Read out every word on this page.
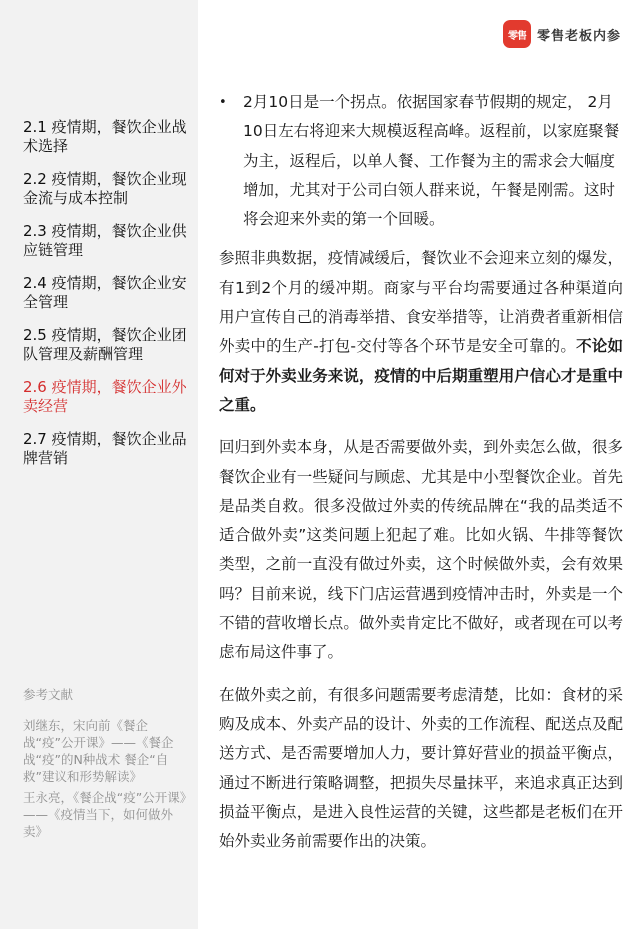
2.1 疫情期，餐饮企业战术选择
2.2 疫情期，餐饮企业现金流与成本控制
2.3 疫情期，餐饮企业供应链管理
2.4 疫情期，餐饮企业安全管理
2.5 疫情期，餐饮企业团队管理及薪酬管理
2.6 疫情期，餐饮企业外卖经营
2.7 疫情期，餐饮企业品牌营销
参考文献
刘继东，宋向前《餐企战“疫”公开课》——《餐企战“疫”的N种战术 餐企“自救”建议和形势解读》
王永亮，《餐企战“疫”公开课》——《疫情当下，如何做外卖》
零售 零售老板内参
•	2月10日是一个拐点。依据国家春节假期的规定， 2月10日左右将迎来大规模返程高峰。返程前，以家庭聚餐为主，返程后，以单人餐、工作餐为主的需求会大幅度增加，尤其对于公司白领人群来说，午餐是刚需。这时将会迎来外卖的第一个回暖。

参照非典数据，疫情减缓后，餐饮业不会迎来立刻的爆发，有1到2个月的缓冲期。商家与平台均需要通过各种渠道向用户宣传自己的消毒举措、食安举措等，让消费者重新相信外卖中的生产-打包-交付等各个环节是安全可靠的。不论如何对于外卖业务来说，疫情的中后期重塑用户信心才是重中之重。

回归到外卖本身，从是否需要做外卖，到外卖怎么做，很多餐饮企业有一些疑问与顾虑、尤其是中小型餐饮企业。首先是品类自救。很多没做过外卖的传统品牌在“我的品类适不适合做外卖”这类问题上犯起了难。比如火锅、牛排等餐饮类型，之前一直没有做过外卖，这个时候做外卖，会有效果吗？目前来说，线下门店运营遇到疫情冲击时，外卖是一个不错的营收增长点。做外卖肯定比不做好，或者现在可以考虑布局这件事了。

在做外卖之前，有很多问题需要考虑清楚，比如：食材的采购及成本、外卖产品的设计、外卖的工作流程、配送点及配送方式、是否需要增加人力，要计算好营业的损益平衡点，通过不断进行策略调整，把损失尽量抹平，来追求真正达到损益平衡点，是进入良性运营的关键，这些都是老板们在开始外卖业务前需要作出的决策。
